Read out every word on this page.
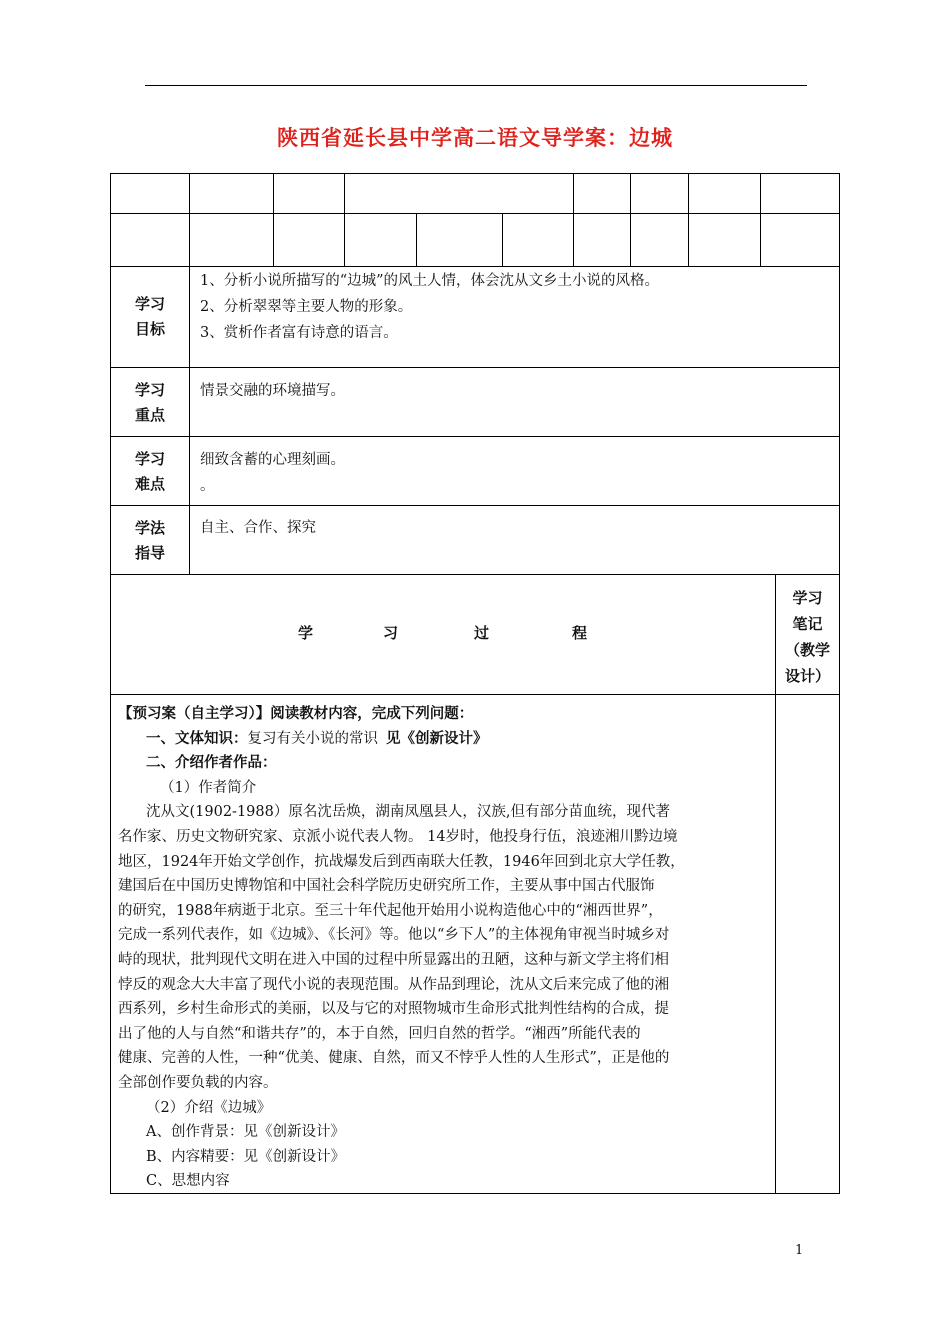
陕西省延长县中学高二语文导学案：边城
学习
目标
1、分析小说所描写的“边城”的风土人情，体会沈从文乡土小说的风格。
2、分析翠翠等主要人物的形象。
3、赏析作者富有诗意的语言。
学习
重点
情景交融的环境描写。
学习
难点
细致含蓄的心理刻画。
。
学法
指导
自主、合作、探究
学	习	过	程
学习
笔记
（教学
设计）

【预习案（自主学习）】阅读教材内容，完成下列问题：

一、文体知识：复习有关小说的常识 见《创新设计》

二、介绍作者作品：

（1）作者简介

沈从文(1902-1988）原名沈岳焕，湖南凤凰县人，汉族,但有部分苗血统，现代著

名作家、历史文物研究家、京派小说代表人物。 14岁时，他投身行伍，浪迹湘川黔边境

地区，1924年开始文学创作，抗战爆发后到西南联大任教，1946年回到北京大学任教，

建国后在中国历史博物馆和中国社会科学院历史研究所工作，主要从事中国古代服饰

的研究，1988年病逝于北京。至三十年代起他开始用小说构造他心中的“湘西世界”，

完成一系列代表作，如《边城》、《长河》等。他以“乡下人”的主体视角审视当时城乡对

峙的现状，批判现代文明在进入中国的过程中所显露出的丑陋，这种与新文学主将们相

悖反的观念大大丰富了现代小说的表现范围。从作品到理论，沈从文后来完成了他的湘

西系列，乡村生命形式的美丽，以及与它的对照物城市生命形式批判性结构的合成，提

出了他的人与自然“和谐共存”的，本于自然，回归自然的哲学。“湘西”所能代表的

健康、完善的人性，一种“优美、健康、自然，而又不悖乎人性的人生形式”，正是他的

全部创作要负载的内容。

（2）介绍《边城》

A、创作背景：见《创新设计》

B、内容精要：见《创新设计》

C、思想内容

1
